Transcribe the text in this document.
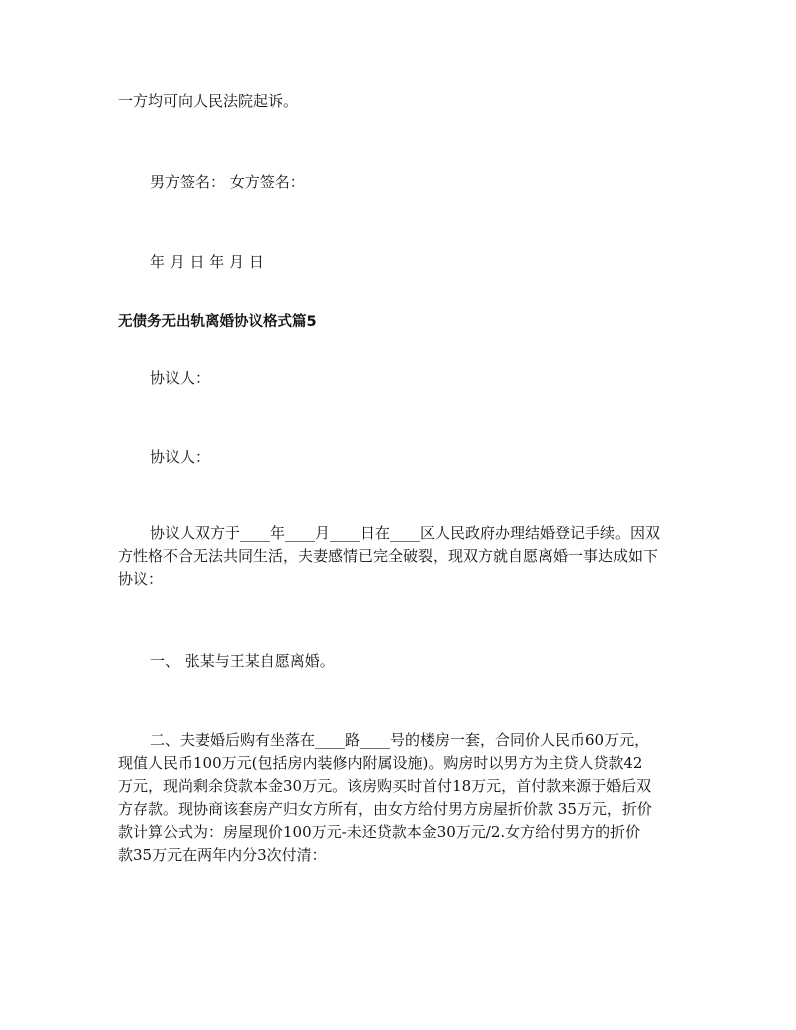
一方均可向人民法院起诉。
男方签名： 女方签名：
年 月 日 年 月 日
无债务无出轨离婚协议格式篇5
协议人：
协议人：
协议人双方于____年____月____日在____区人民政府办理结婚登记手续。因双
方性格不合无法共同生活，夫妻感情已完全破裂，现双方就自愿离婚一事达成如下
协议：
一、 张某与王某自愿离婚。
二、夫妻婚后购有坐落在____路____号的楼房一套，合同价人民币60万元，
现值人民币100万元(包括房内装修内附属设施)。购房时以男方为主贷人贷款42
万元，现尚剩余贷款本金30万元。该房购买时首付18万元，首付款来源于婚后双
方存款。现协商该套房产归女方所有，由女方给付男方房屋折价款 35万元，折价
款计算公式为：房屋现价100万元-未还贷款本金30万元/2.女方给付男方的折价
款35万元在两年内分3次付清：
